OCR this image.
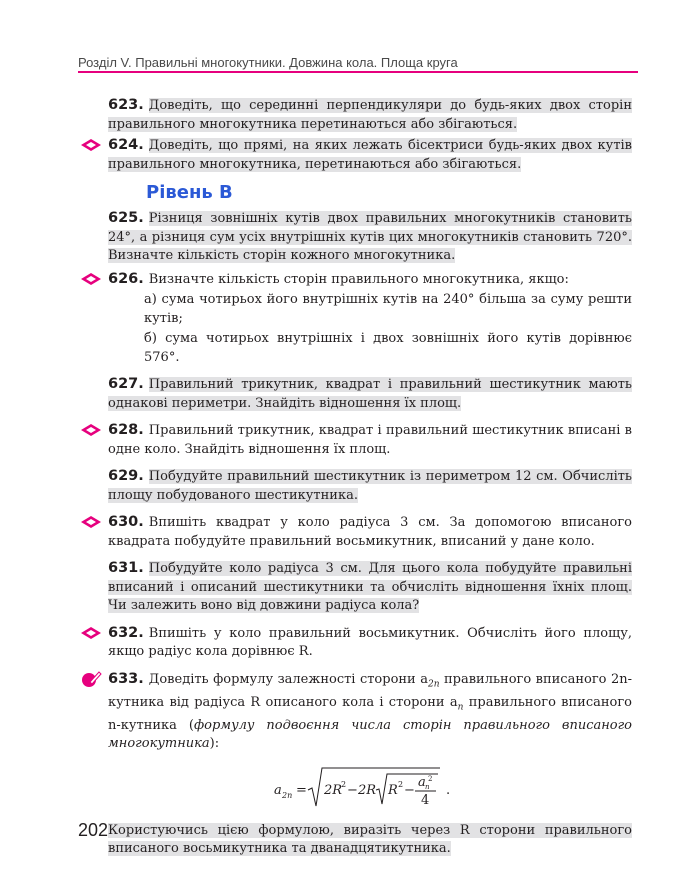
Розділ V. Правильні многокутники. Довжина кола. Площа круга
623. Доведіть, що серединні перпендикуляри до будь-яких двох сторін правильного многокутника перетинаються або збігаються.
624. Доведіть, що прямі, на яких лежать бісектриси будь-яких двох кутів правильного многокутника, перетинаються або збігаються.
Рівень В
625. Різниця зовнішніх кутів двох правильних многокутників становить 24°, а різниця сум усіх внутрішніх кутів цих многокутників становить 720°. Визначте кількість сторін кожного многокутника.
626. Визначте кількість сторін правильного многокутника, якщо:
а) сума чотирьох його внутрішніх кутів на 240° більша за суму решти кутів;
б) сума чотирьох внутрішніх і двох зовнішніх його кутів дорівнює 576°.
627. Правильний трикутник, квадрат і правильний шестикутник мають однакові периметри. Знайдіть відношення їх площ.
628. Правильний трикутник, квадрат і правильний шестикутник вписані в одне коло. Знайдіть відношення їх площ.
629. Побудуйте правильний шестикутник із периметром 12 см. Обчисліть площу побудованого шестикутника.
630. Впишіть квадрат у коло радіуса 3 см. За допомогою вписаного квадрата побудуйте правильний восьмикутник, вписаний у дане коло.
631. Побудуйте коло радіуса 3 см. Для цього кола побудуйте правильні вписаний і описаний шестикутники та обчисліть відношення їхніх площ. Чи залежить воно від довжини радіуса кола?
632. Впишіть у коло правильний восьмикутник. Обчисліть його площу, якщо радіус кола дорівнює R.
633. Доведіть формулу залежності сторони $a_{2n}$ правильного вписаного 2n-кутника від радіуса R описаного кола і сторони $a_n$ правильного вписаного n-кутника (формулу подвоєння числа сторін правильного вписаного многокутника):
a 2n = 2R
2 − 2R R 2 −
a n
2
4
.
Користуючись цією формулою, виразіть через R сторони правильного вписаного восьмикутника та дванадцятикутника.
202
